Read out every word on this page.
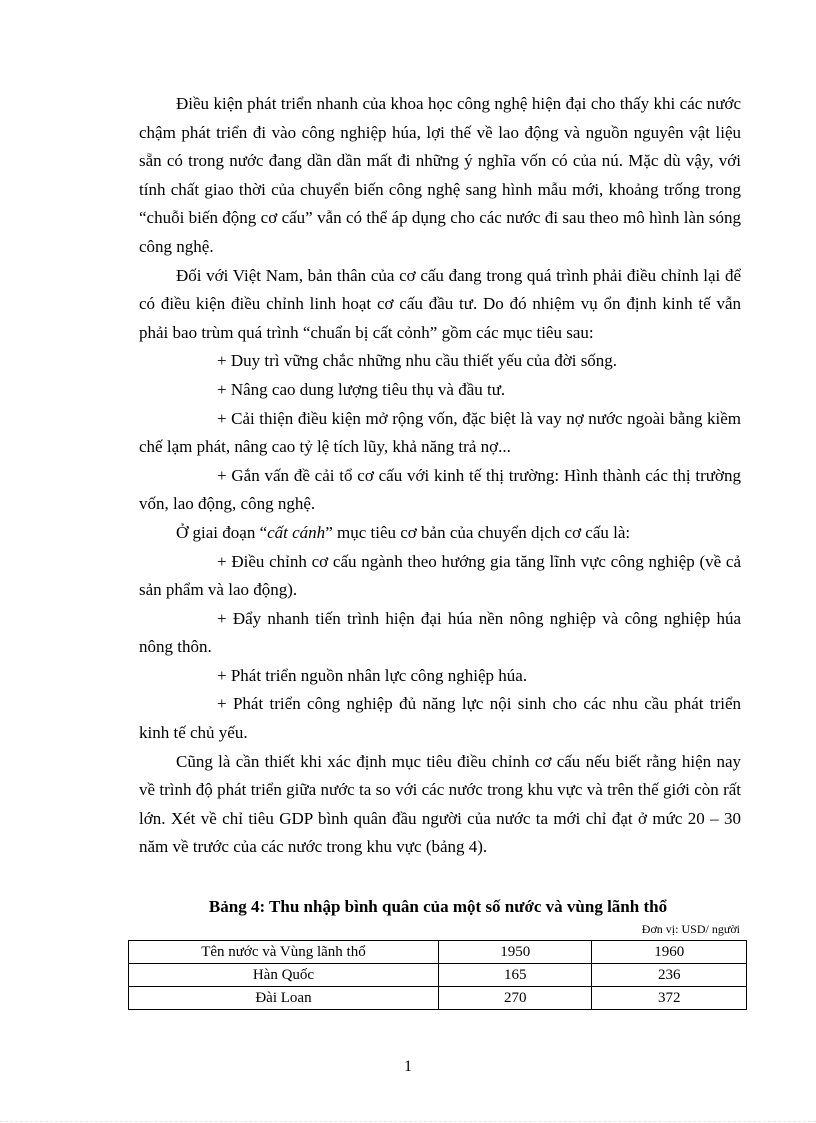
Điều kiện phát triển nhanh của khoa học công nghệ hiện đại cho thấy khi các nước chậm phát triển đi vào công nghiệp húa, lợi thế về lao động và nguồn nguyên vật liệu sẵn có trong nước đang dần dần mất đi những ý nghĩa vốn có của nú. Mặc dù vậy, với tính chất giao thời của chuyển biến công nghệ sang hình mẫu mới, khoảng trống trong “chuỗi biến động cơ cấu” vẫn có thể áp dụng cho các nước đi sau theo mô hình làn sóng công nghệ.

Đối với Việt Nam, bản thân của cơ cấu đang trong quá trình phải điều chỉnh lại để có điều kiện điều chỉnh linh hoạt cơ cấu đầu tư. Do đó nhiệm vụ ổn định kinh tế vẫn phải bao trùm quá trình “chuẩn bị cất cỏnh” gồm các mục tiêu sau:

+ Duy trì vững chắc những nhu cầu thiết yếu của đời sống.

+ Nâng cao dung lượng tiêu thụ và đầu tư.

+ Cải thiện điều kiện mở rộng vốn, đặc biệt là vay nợ nước ngoài bằng kiềm chế lạm phát, nâng cao tỷ lệ tích lũy, khả năng trả nợ...

+ Gắn vấn đề cải tổ cơ cấu với kinh tế thị trường: Hình thành các thị trường vốn, lao động, công nghệ.

Ở giai đoạn “cất cánh” mục tiêu cơ bản của chuyển dịch cơ cấu là:

+ Điều chỉnh cơ cấu ngành theo hướng gia tăng lĩnh vực công nghiệp (về cả sản phẩm và lao động).

+ Đẩy nhanh tiến trình hiện đại húa nền nông nghiệp và công nghiệp húa nông thôn.

+ Phát triển nguồn nhân lực công nghiệp húa.

+ Phát triển công nghiệp đủ năng lực nội sinh cho các nhu cầu phát triển kinh tế chủ yếu.

Cũng là cần thiết khi xác định mục tiêu điều chỉnh cơ cấu nếu biết rằng hiện nay về trình độ phát triển giữa nước ta so với các nước trong khu vực và trên thế giới còn rất lớn. Xét về chỉ tiêu GDP bình quân đầu người của nước ta mới chỉ đạt ở mức 20 – 30 năm về trước của các nước trong khu vực (bảng 4).

Bảng 4: Thu nhập bình quân của một số nước và vùng lãnh thổ
Đơn vị: USD/ người
Tên nước và Vùng lãnh thổ	1950	1960
Hàn Quốc	165	236
Đài Loan	270	372
1
